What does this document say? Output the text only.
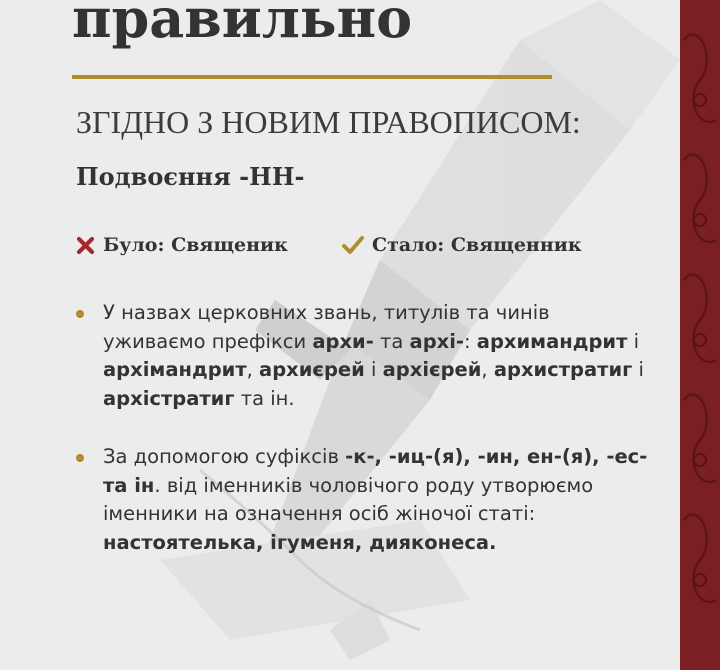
правильно
ЗГІДНО З НОВИМ ПРАВОПИСОМ:
Подвоєння -НН-
Було: Священик	Стало: Священник
У назвах церковних звань, титулів та чинів уживаємо префікси архи- та архі-: архимандрит і архімандрит, архиєрей і архієрей, архистратиг і архістратиг та ін.
За допомогою суфіксів -к-, -иц-(я), -ин, ен-(я), -ес- та ін. від іменників чоловічого роду утворюємо іменники на означення осіб жіночої статі: настоятелька, ігуменя, дияконеса.
